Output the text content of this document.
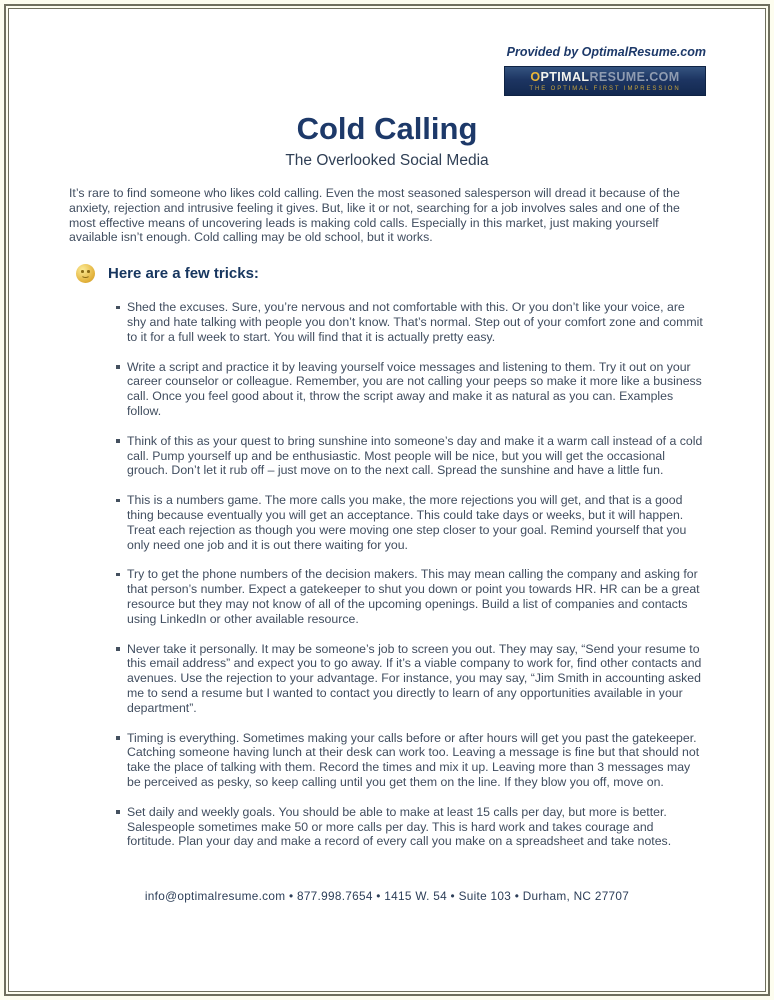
Provided by OptimalResume.com
OPTIMALRESUME.COM
THE OPTIMAL FIRST IMPRESSION
Cold Calling
The Overlooked Social Media

It’s rare to find someone who likes cold calling. Even the most seasoned salesperson will dread it because of the anxiety, rejection and intrusive feeling it gives. But, like it or not, searching for a job involves sales and one of the most effective means of uncovering leads is making cold calls. Especially in this market, just making yourself available isn’t enough. Cold calling may be old school, but it works.

Here are a few tricks:
Shed the excuses. Sure, you’re nervous and not comfortable with this. Or you don’t like your voice, are shy and hate talking with people you don’t know. That’s normal. Step out of your comfort zone and commit to it for a full week to start. You will find that it is actually pretty easy.
Write a script and practice it by leaving yourself voice messages and listening to them. Try it out on your career counselor or colleague. Remember, you are not calling your peeps so make it more like a business call. Once you feel good about it, throw the script away and make it as natural as you can. Examples follow.
Think of this as your quest to bring sunshine into someone’s day and make it a warm call instead of a cold call. Pump yourself up and be enthusiastic. Most people will be nice, but you will get the occasional grouch. Don’t let it rub off – just move on to the next call. Spread the sunshine and have a little fun.
This is a numbers game. The more calls you make, the more rejections you will get, and that is a good thing because eventually you will get an acceptance. This could take days or weeks, but it will happen. Treat each rejection as though you were moving one step closer to your goal. Remind yourself that you only need one job and it is out there waiting for you.
Try to get the phone numbers of the decision makers. This may mean calling the company and asking for that person’s number. Expect a gatekeeper to shut you down or point you towards HR. HR can be a great resource but they may not know of all of the upcoming openings. Build a list of companies and contacts using LinkedIn or other available resource.
Never take it personally. It may be someone’s job to screen you out. They may say, “Send your resume to this email address” and expect you to go away. If it’s a viable company to work for, find other contacts and avenues. Use the rejection to your advantage. For instance, you may say, “Jim Smith in accounting asked me to send a resume but I wanted to contact you directly to learn of any opportunities available in your department”.
Timing is everything. Sometimes making your calls before or after hours will get you past the gatekeeper. Catching someone having lunch at their desk can work too. Leaving a message is fine but that should not take the place of talking with them. Record the times and mix it up. Leaving more than 3 messages may be perceived as pesky, so keep calling until you get them on the line. If they blow you off, move on.
Set daily and weekly goals. You should be able to make at least 15 calls per day, but more is better. Salespeople sometimes make 50 or more calls per day. This is hard work and takes courage and fortitude. Plan your day and make a record of every call you make on a spreadsheet and take notes.
info@optimalresume.com • 877.998.7654 • 1415 W. 54 • Suite 103 • Durham, NC 27707
